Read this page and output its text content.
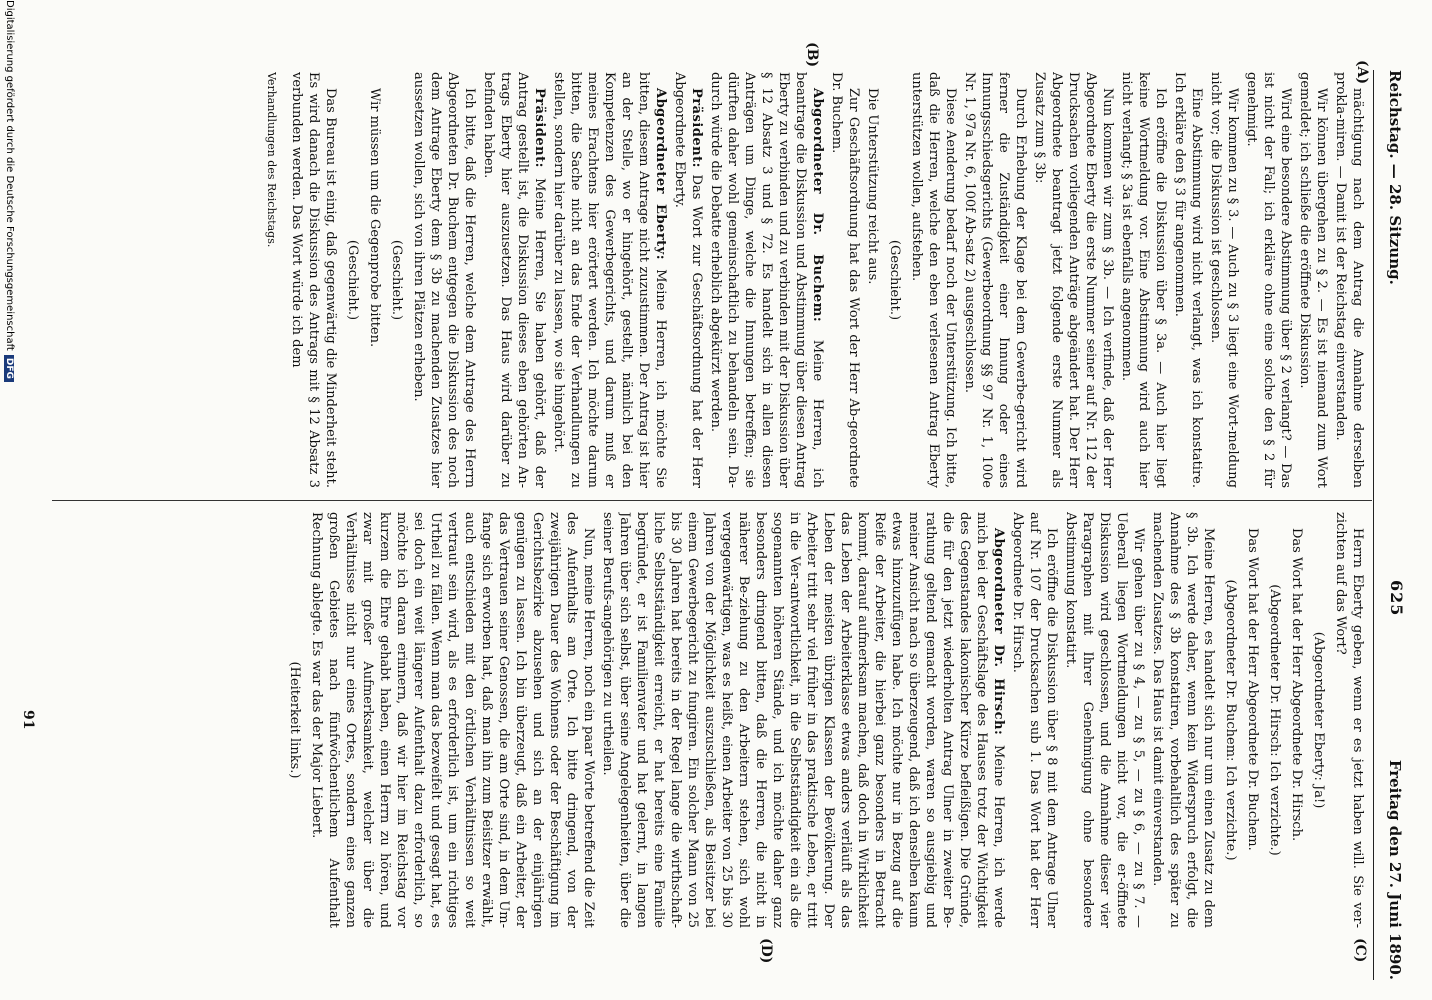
Reichstag. — 28. Sitzung.
625
Freitag den 27. Juni 1890.
(A)
(B)
(C)
(D)

mächtigung nach dem Antrag die Annahme derselben prokla-miren. — Damit ist der Reichstag einverstanden.

Wir können übergehen zu § 2. — Es ist niemand zum Wort gemeldet; ich schließe die eröffnete Diskussion.

Wird eine besondere Abstimmung über § 2 verlangt? — Das ist nicht der Fall; ich erkläre ohne eine solche den § 2 für genehmigt.

Wir kommen zu § 3. — Auch zu § 3 liegt eine Wort-meldung nicht vor; die Diskussion ist geschlossen.

Eine Abstimmung wird nicht verlangt, was ich konstatire. Ich erkläre den § 3 für angenommen.

Ich eröffne die Diskussion über § 3a. — Auch hier liegt keine Wortmeldung vor. Eine Abstimmung wird auch hier nicht verlangt; § 3a ist ebenfalls angenommen.

Nun kommen wir zum § 3b. — Ich verfinde, daß der Herr Abgeordnete Eberty die erste Nummer seiner auf Nr. 112 der Drucksachen vorliegenden Anträge abgeändert hat. Der Herr Abgeordnete beantragt jetzt folgende erste Nummer als Zusatz zum § 3b:

Durch Erhebung der Klage bei dem Gewerbe-gericht wird ferner die Zuständigkeit einer Innung oder eines Innungsschiedsgerichts (Gewerbeordnung §§ 97 Nr. 1, 100e Nr. 1, 97a Nr. 6, 100f Ab-satz 2) ausgeschlossen.

Diese Aenderung bedarf noch der Unterstützung. Ich bitte, daß die Herren, welche den eben verlesenen Antrag Eberty unterstützen wollen, aufstehen.

(Geschieht.)

Die Unterstützung reicht aus.

Zur Geschäftsordnung hat das Wort der Herr Ab-geordnete Dr. Buchem.

Abgeordneter Dr. Buchem: Meine Herren, ich beantrage die Diskussion und Abstimmung über diesen Antrag Eberty zu verbinden und zu verbinden mit der Diskussion über § 12 Absatz 3 und § 72. Es handelt sich in allen diesen Anträgen um Dinge, welche die Innungen betreffen; sie dürften daher wohl gemeinschaftlich zu behandeln sein. Da-durch würde die Debatte erheblich abgekürzt werden.

Präsident: Das Wort zur Geschäftsordnung hat der Herr Abgeordnete Eberty.

Abgeordneter Eberty: Meine Herren, ich möchte Sie bitten, diesem Antrage nicht zuzustimmen. Der Antrag ist hier an der Stelle, wo er hingehört, gestellt, nämlich bei den Kompetenzen des Gewerbegerichts, und darum muß er meines Erachtens hier erörtert werden. Ich möchte darum bitten, die Sache nicht an das Ende der Verhandlungen zu stellen, sondern hier darüber zu lassen, wo sie hingehört.

Präsident: Meine Herren, Sie haben gehört, daß der Antrag gestellt ist, die Diskussion dieses eben gehörten An-trags Eberty hier auszusetzen. Das Haus wird darüber zu befinden haben.

Ich bitte, daß die Herren, welche dem Antrage des Herrn Abgeordneten Dr. Buchem entgegen die Diskussion des noch dem Antrage Eberty dem § 3b zu machenden Zusatzes hier aussetzen wollen, sich von ihren Plätzen erheben.

(Geschieht.)

Wir müssen um die Gegenprobe bitten.

(Geschieht.)

Das Bureau ist einig, daß gegenwärtig die Minderheit steht. Es wird danach die Diskussion des Antrags mit § 12 Absatz 3 verbunden werden. Das Wort würde ich dem

Verhandlungen des Reichstags.

Herrn Eberty geben, wenn er es jetzt haben will. Sie ver-zichten auf das Wort?

(Abgeordneter Eberty: Ja!)

Das Wort hat der Herr Abgeordnete Dr. Hirsch.

(Abgeordneter Dr. Hirsch: Ich verzichte.)

Das Wort hat der Herr Abgeordnete Dr. Buchem.

(Abgeordneter Dr. Buchem: Ich verzichte.)

Meine Herren, es handelt sich nur um einen Zusatz zu dem § 3b. Ich werde daher, wenn kein Widerspruch erfolgt, die Annahme des § 3b konstatiren, vorbehaltlich des später zu machenden Zusatzes. Das Haus ist damit einverstanden.

Wir gehen über zu § 4, — zu § 5, — zu § 6, — zu § 7. — Ueberall liegen Wortmeldungen nicht vor, die er-öffnete Diskussion wird geschlossen, und die Annahme dieser vier Paragraphen mit Ihrer Genehmigung ohne besondere Abstimmung konstatirt.

Ich eröffne die Diskussion über § 8 mit dem Antrage Ulner auf Nr. 107 der Drucksachen sub 1. Das Wort hat der Herr Abgeordnete Dr. Hirsch.

Abgeordneter Dr. Hirsch: Meine Herren, ich werde mich bei der Geschäftslage des Hauses trotz der Wichtigkeit des Gegenstandes lakonischer Kürze befleißigen. Die Gründe, die für den jetzt wiederholten Antrag Ulner in zweiter Be-rathung geltend gemacht worden, waren so ausgiebig und meiner Ansicht nach so überzeugend, daß ich denselben kaum etwas hinzuzufügen habe. Ich möchte nur in Bezug auf die Reife der Arbeiter, die hierbei ganz besonders in Betracht kommt, darauf aufmerksam machen, daß doch in Wirklichkeit das Leben der Arbeiterklasse etwas anders verläuft als das Leben der meisten übrigen Klassen der Bevölkerung. Der Arbeiter tritt sehr viel früher in das praktische Leben, er tritt in die Ver-antwortlichkeit, in die Selbstständigkeit ein als die sogenannten höheren Stände, und ich möchte daher ganz besonders dringend bitten, daß die Herren, die nicht in näherer Be-ziehung zu den Arbeitern stehen, sich wohl vergegenwärtigen, was es heißt, einen Arbeiter von 25 bis 30 Jahren von der Möglichkeit auszuschließen, als Beisitzer bei einem Gewerbegericht zu fungiren. Ein solcher Mann von 25 bis 30 Jahren hat bereits in der Regel lange die wirthschaft-liche Selbstständigkeit erreicht, er hat bereits eine Familie begründet, er ist Familienvater und hat gelernt, in langen Jahren über sich selbst, über seine Angelegenheiten, über die seiner Berufs-angehörigen zu urtheilen.

Nun, meine Herren, noch ein paar Worte betreffend die Zeit des Aufenthalts am Orte. Ich bitte dringend, von der zweijährigen Dauer des Wohnens oder der Beschäftigung im Gerichtsbezirke abzusehen und sich an der einjährigen genügen zu lassen. Ich bin überzeugt, daß ein Arbeiter, der das Vertrauen seiner Genossen, die am Orte sind, in dem Um-fange sich erworben hat, daß man ihn zum Beisitzer erwählt, auch entschieden mit den örtlichen Verhältnissen so weit vertraut sein wird, als es erforderlich ist, um ein richtiges Urtheil zu fällen. Wenn man das bezweifelt und gesagt hat, es sei doch ein weit längerer Aufenthalt dazu erforderlich, so möchte ich daran erinnern, daß wir hier im Reichstag vor kurzem die Ehre gehabt haben, einen Herrn zu hören, und zwar mit großer Aufmerksamkeit, welcher über die Verhältnisse nicht nur eines Ortes, sondern eines ganzen großen Gebietes nach fünfwöchentlichem Aufenthalt Rechnung ablegte. Es war das der Major Liebert.

(Heiterkeit links.)

91
Digitalisierung gefördert durch die Deutsche ForschungsgemeinschaftDFG
